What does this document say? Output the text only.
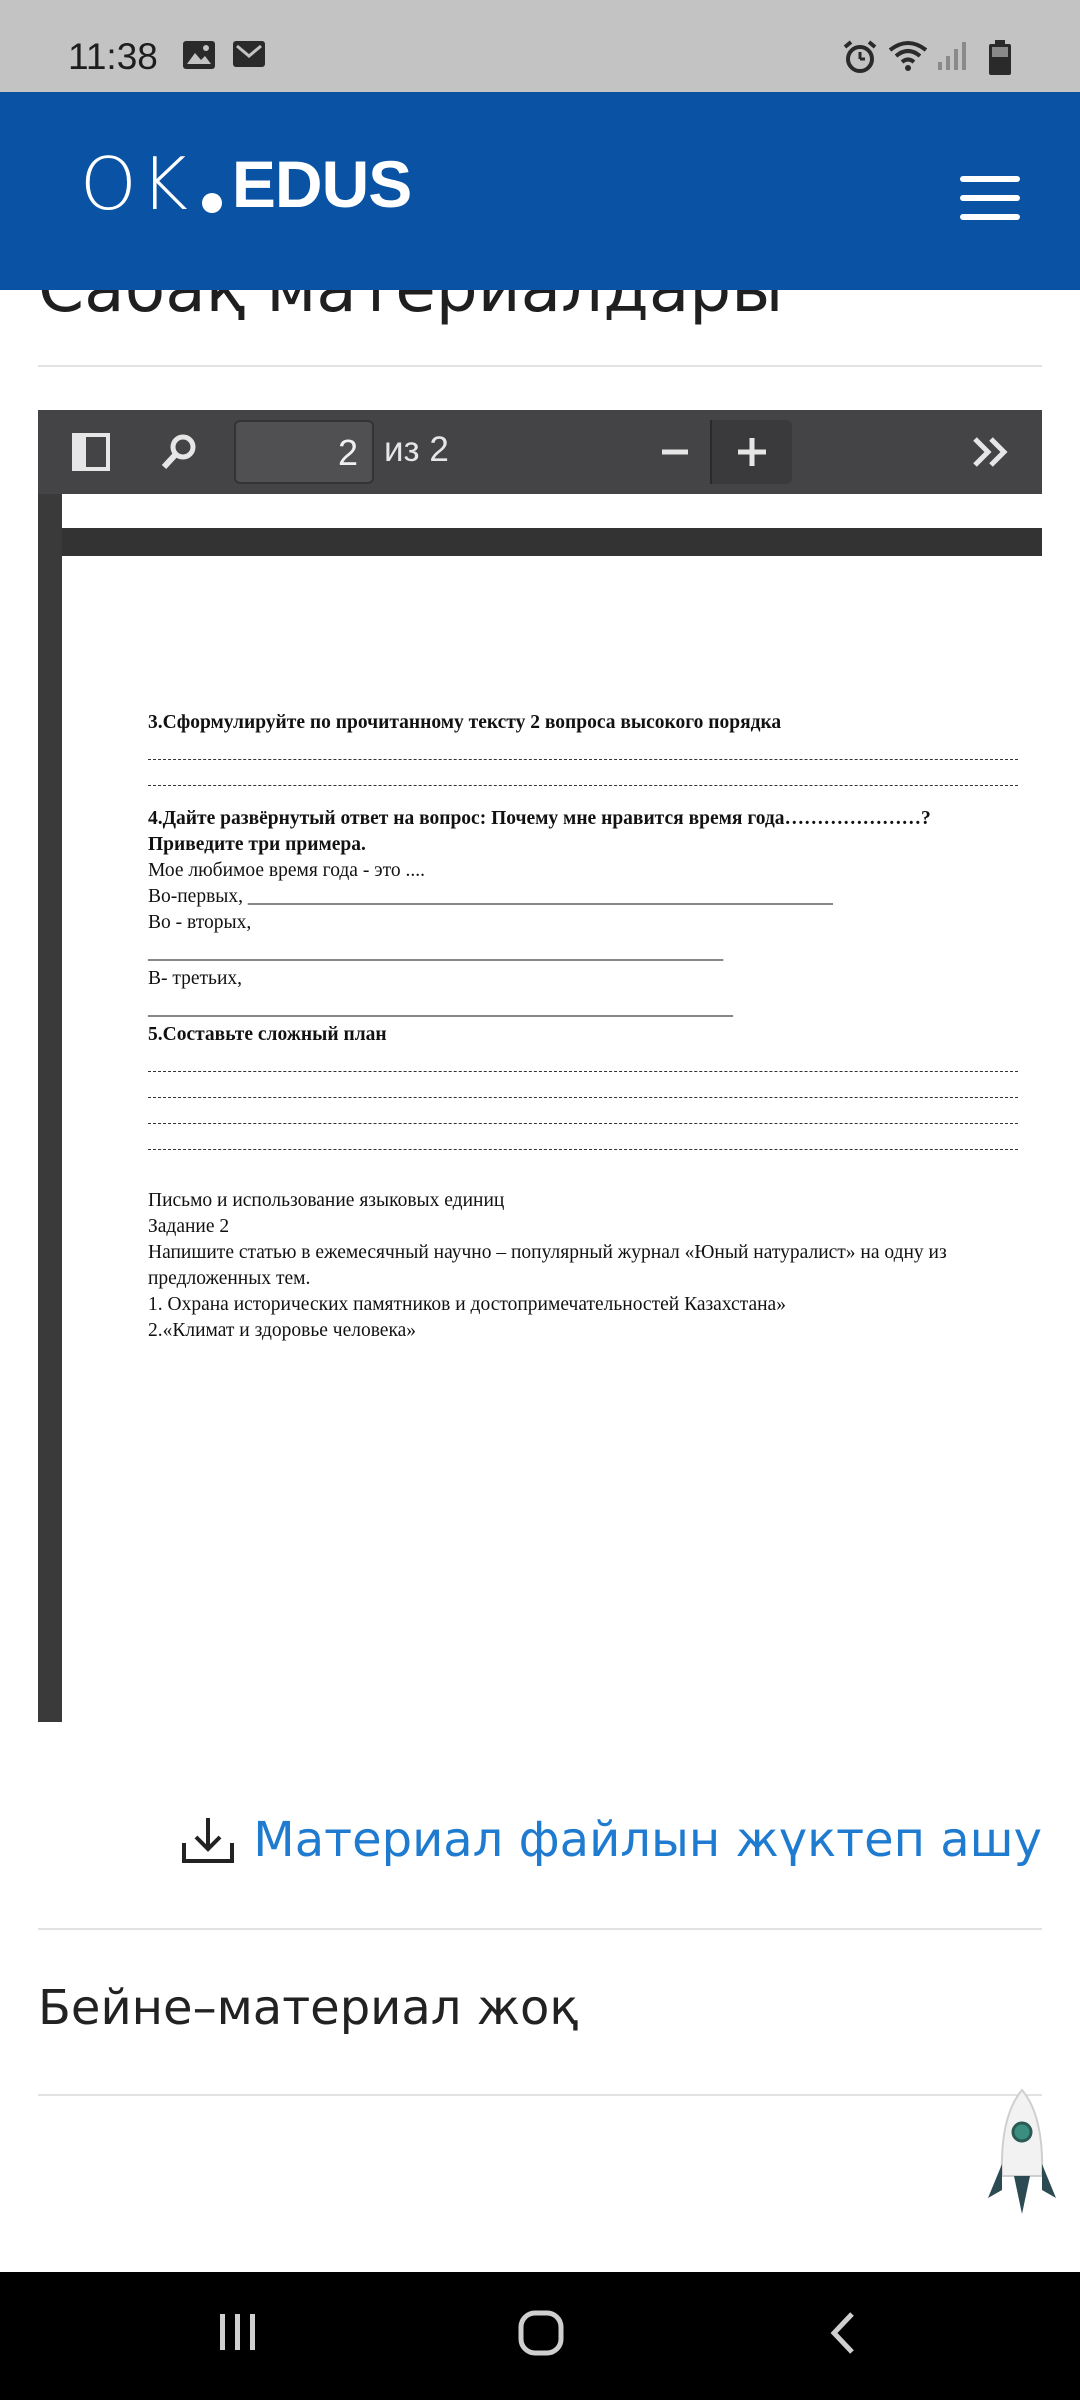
11:38
OK EDUS
2 из 2

3.Сформулируйте по прочитанному тексту 2 вопроса высокого порядка

4.Дайте развёрнутый ответ на вопрос: Почему мне нравится время года…………………?

Приведите три примера.

Мое любимое время года - это ....

Во-первых, ____________________________________________________________

Во - вторых,

___________________________________________________________

В- третьих,

____________________________________________________________

5.Составьте сложный план

Письмо и использование языковых единиц

Задание 2

Напишите статью в ежемесячный научно – популярный журнал «Юный натуралист» на одну из

предложенных тем.

1. Охрана исторических памятников и достопримечательностей Казахстана»

2.«Климат и здоровье человека»

Материал файлын жүктеп ашу
Бейне–материал жоқ
